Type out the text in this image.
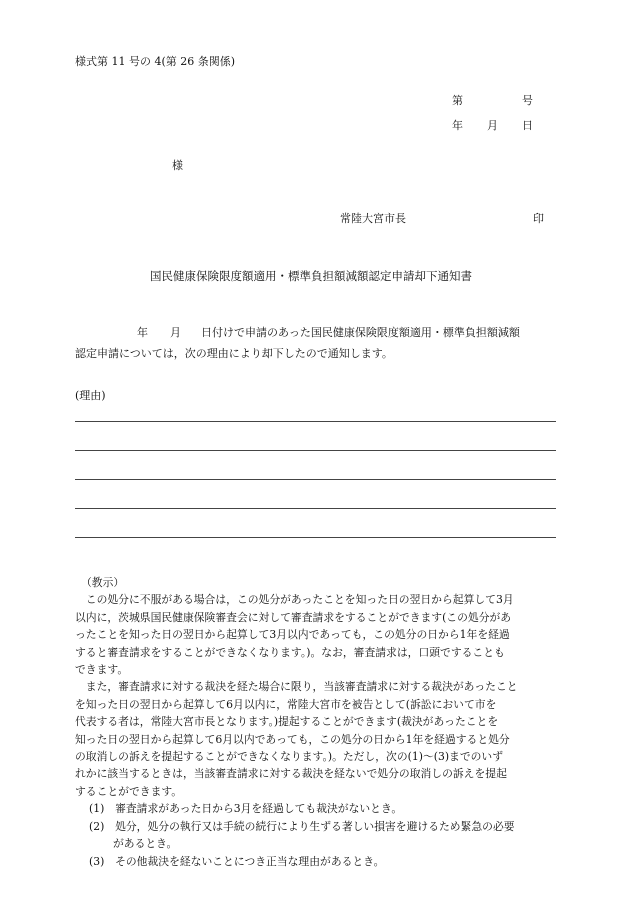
様式第 11 号の 4(第 26 条関係)
第	号
年 月 日
様
常陸大宮市長	印
国民健康保険限度額適用・標準負担額減額認定申請却下通知書
年 月 日付けで申請のあった国民健康保険限度額適用・標準負担額減額
認定申請については，次の理由により却下したので通知します。
(理由)
（教示）
　この処分に不服がある場合は，この処分があったことを知った日の翌日から起算して3月
以内に，茨城県国民健康保険審査会に対して審査請求をすることができます(この処分があ
ったことを知った日の翌日から起算して3月以内であっても，この処分の日から1年を経過
すると審査請求をすることができなくなります。)。なお，審査請求は，口頭ですることも
できます。
　また，審査請求に対する裁決を経た場合に限り，当該審査請求に対する裁決があったこと
を知った日の翌日から起算して6月以内に，常陸大宮市を被告として(訴訟において市を
代表する者は，常陸大宮市長となります。)提起することができます(裁決があったことを
知った日の翌日から起算して6月以内であっても，この処分の日から1年を経過すると処分
の取消しの訴えを提起することができなくなります。)。ただし，次の(1)～(3)までのいず
れかに該当するときは，当該審査請求に対する裁決を経ないで処分の取消しの訴えを提起
することができます。
(1)　 審査請求があった日から3月を経過しても裁決がないとき。
(2)　 処分，処分の執行又は手続の続行により生ずる著しい損害を避けるため緊急の必要
があるとき。
(3)　 その他裁決を経ないことにつき正当な理由があるとき。
